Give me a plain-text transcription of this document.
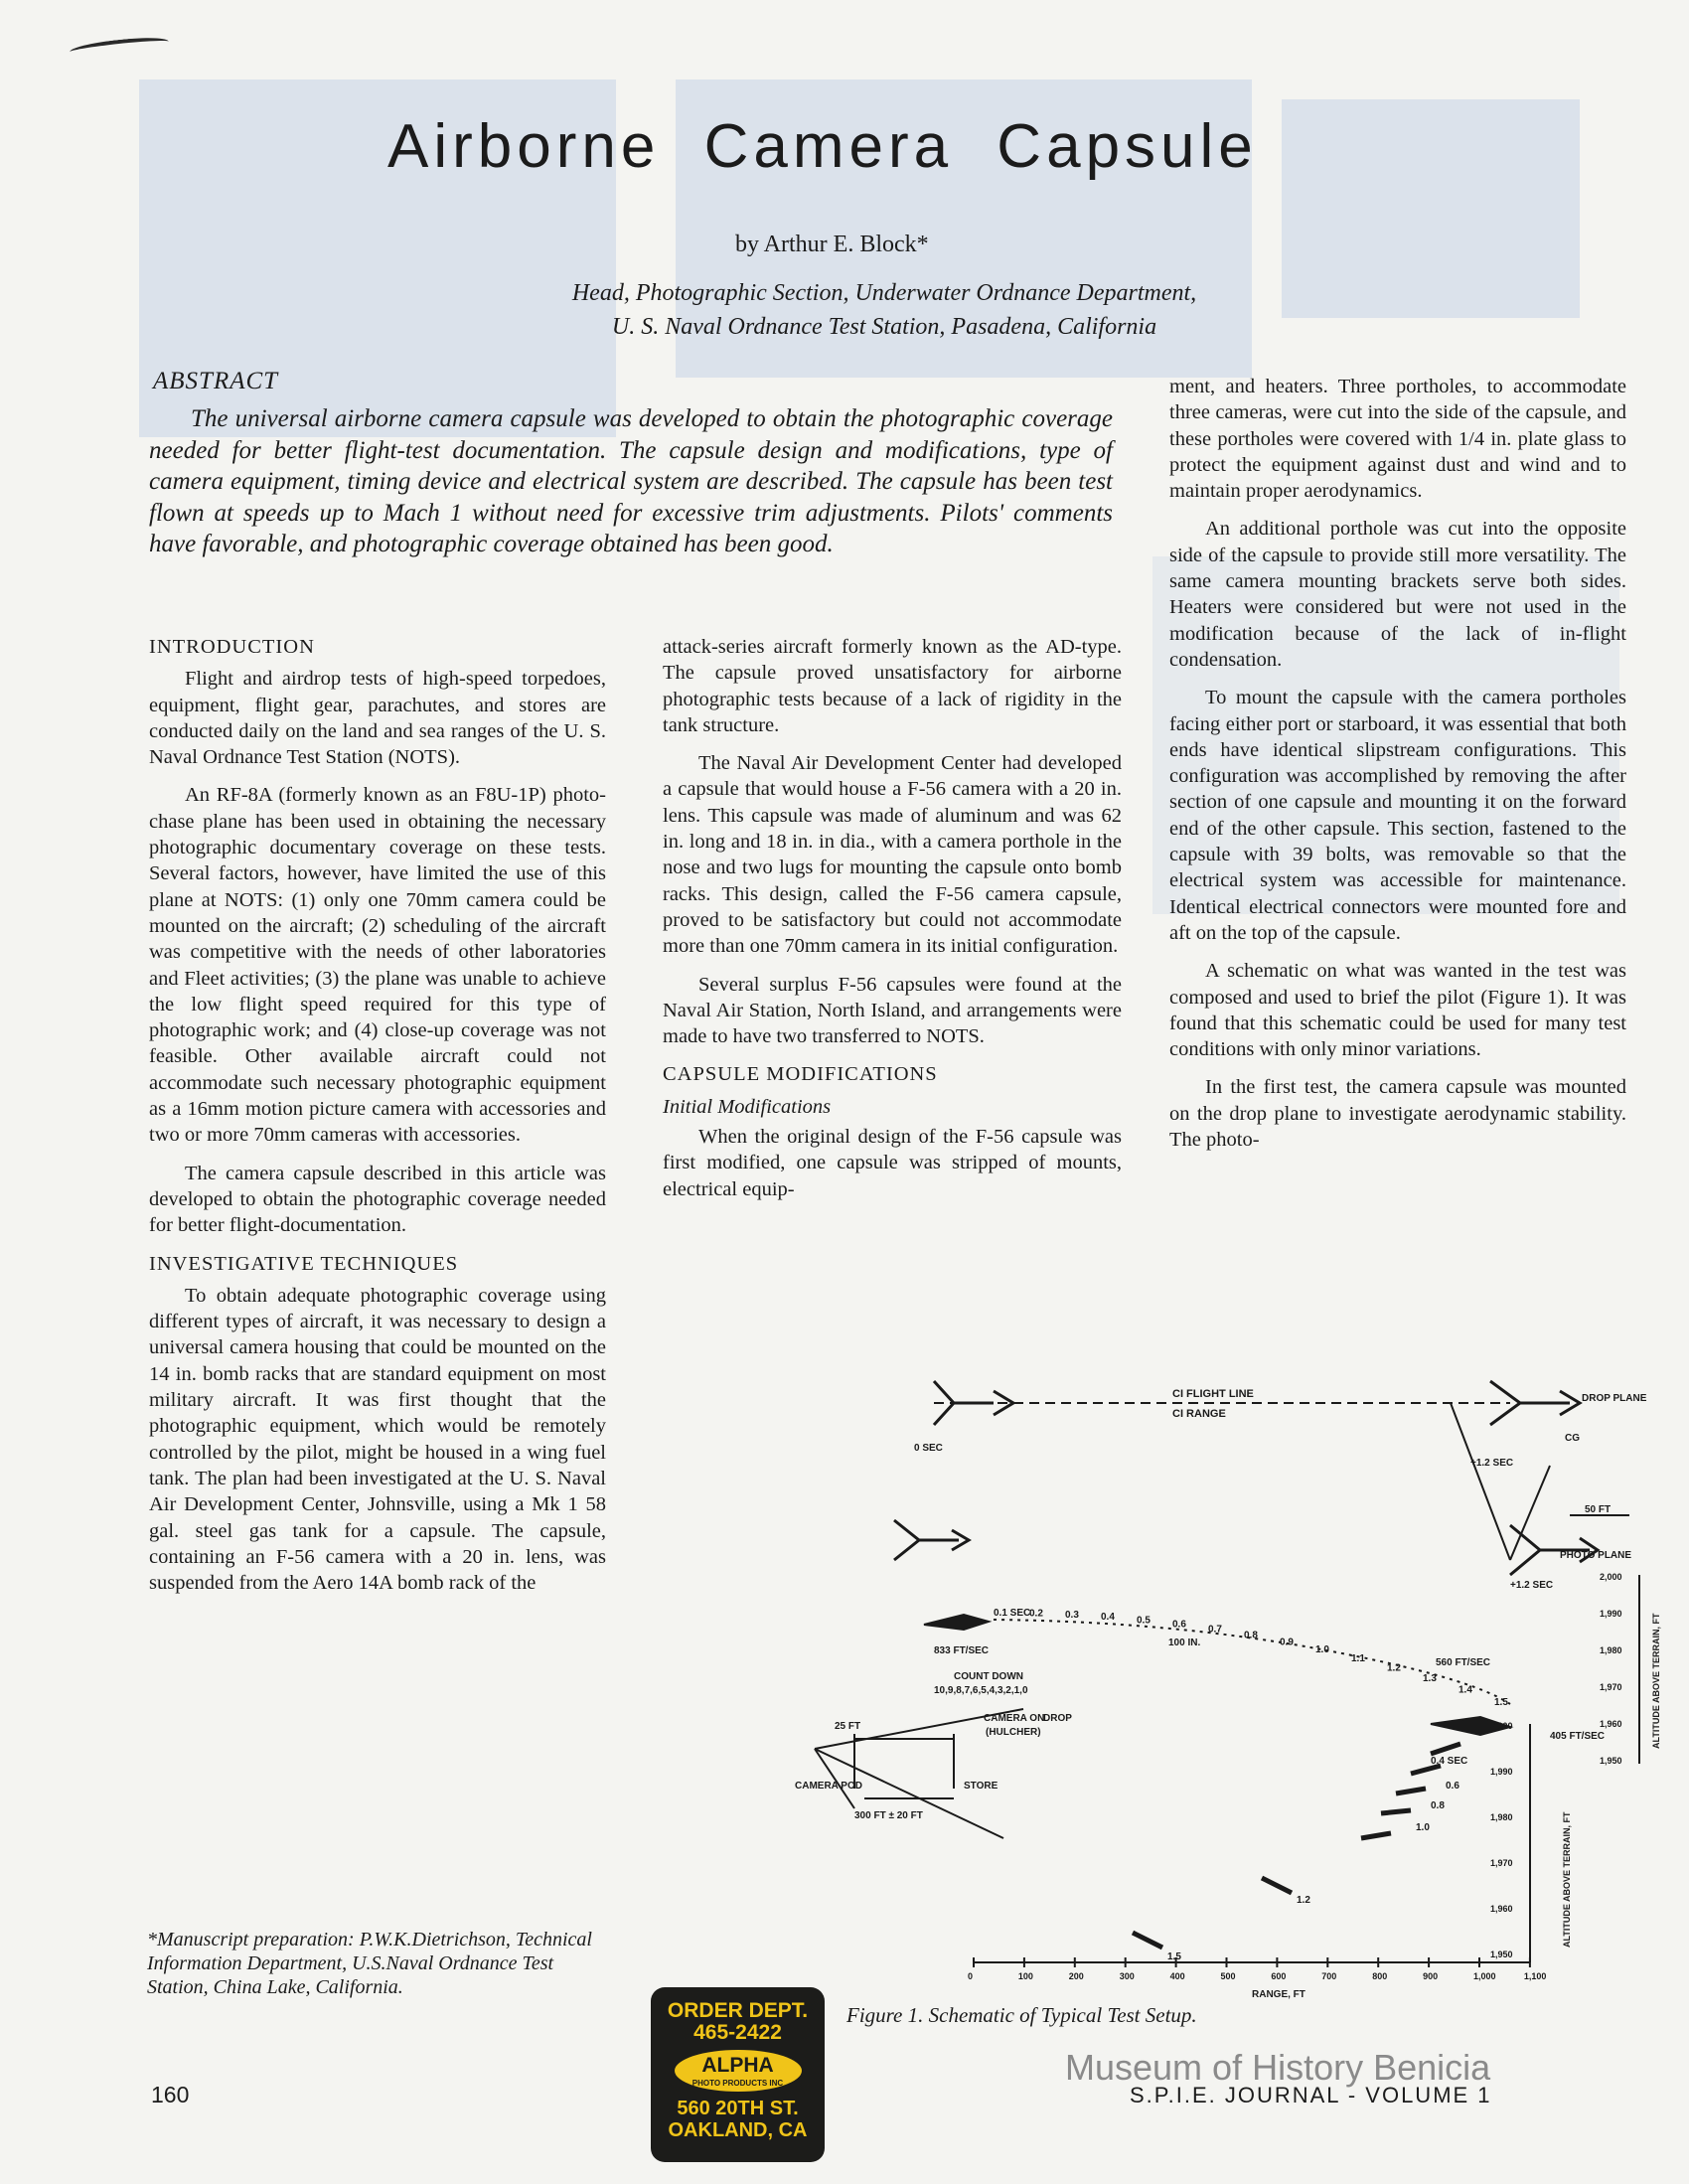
Airborne Camera Capsule
by Arthur E. Block*
Head, Photographic Section, Underwater Ordnance Department,
U. S. Naval Ordnance Test Station, Pasadena, California
ABSTRACT

The universal airborne camera capsule was developed to obtain the photographic coverage needed for better flight-test documentation. The capsule design and modifications, type of camera equipment, timing device and electrical system are described. The capsule has been test flown at speeds up to Mach 1 without need for excessive trim adjustments. Pilots' comments have favorable, and photographic coverage obtained has been good.

INTRODUCTION

Flight and airdrop tests of high-speed torpedoes, equipment, flight gear, parachutes, and stores are conducted daily on the land and sea ranges of the U. S. Naval Ordnance Test Station (NOTS).

An RF-8A (formerly known as an F8U-1P) photo-chase plane has been used in obtaining the necessary photographic documentary coverage on these tests. Several factors, however, have limited the use of this plane at NOTS: (1) only one 70mm camera could be mounted on the aircraft; (2) scheduling of the aircraft was competitive with the needs of other laboratories and Fleet activities; (3) the plane was unable to achieve the low flight speed required for this type of photographic work; and (4) close-up coverage was not feasible. Other available aircraft could not accommodate such necessary photographic equipment as a 16mm motion picture camera with accessories and two or more 70mm cameras with accessories.

The camera capsule described in this article was developed to obtain the photographic coverage needed for better flight-documentation.

INVESTIGATIVE TECHNIQUES

To obtain adequate photographic coverage using different types of aircraft, it was necessary to design a universal camera housing that could be mounted on the 14 in. bomb racks that are standard equipment on most military aircraft. It was first thought that the photographic equipment, which would be remotely controlled by the pilot, might be housed in a wing fuel tank. The plan had been investigated at the U. S. Naval Air Development Center, Johnsville, using a Mk 1 58 gal. steel gas tank for a capsule. The capsule, containing an F-56 camera with a 20 in. lens, was suspended from the Aero 14A bomb rack of the

attack-series aircraft formerly known as the AD-type. The capsule proved unsatisfactory for airborne photographic tests because of a lack of rigidity in the tank structure.

The Naval Air Development Center had developed a capsule that would house a F-56 camera with a 20 in. lens. This capsule was made of aluminum and was 62 in. long and 18 in. in dia., with a camera porthole in the nose and two lugs for mounting the capsule onto bomb racks. This design, called the F-56 camera capsule, proved to be satisfactory but could not accommodate more than one 70mm camera in its initial configuration.

Several surplus F-56 capsules were found at the Naval Air Station, North Island, and arrangements were made to have two transferred to NOTS.

CAPSULE MODIFICATIONS
Initial Modifications

When the original design of the F-56 capsule was first modified, one capsule was stripped of mounts, electrical equip-

ment, and heaters. Three portholes, to accommodate three cameras, were cut into the side of the capsule, and these portholes were covered with 1/4 in. plate glass to protect the equipment against dust and wind and to maintain proper aerodynamics.

An additional porthole was cut into the opposite side of the capsule to provide still more versatility. The same camera mounting brackets serve both sides. Heaters were considered but were not used in the modification because of the lack of in-flight condensation.

To mount the capsule with the camera portholes facing either port or starboard, it was essential that both ends have identical slipstream configurations. This configuration was accomplished by removing the after section of one capsule and mounting it on the forward end of the other capsule. This section, fastened to the capsule with 39 bolts, was removable so that the electrical system was accessible for maintenance. Identical electrical connectors were mounted fore and aft on the top of the capsule.

A schematic on what was wanted in the test was composed and used to brief the pilot (Figure 1). It was found that this schematic could be used for many test conditions with only minor variations.

In the first test, the camera capsule was mounted on the drop plane to investigate aerodynamic stability. The photo-

CI FLIGHT LINE
CI RANGE
DROP PLANE
CG
+1.2 SEC
50 FT
PHOTO PLANE
+1.2 SEC
0 SEC
833 FT/SEC
COUNT DOWN
10,9,8,7,6,5,4,3,2,1,0
CAMERA ON
(HULCHER)
DROP
100 IN.
25 FT
CAMERA POD	STORE
300 FT ± 20 FT
560 FT/SEC
405 FT/SEC
0.4 SEC
RANGE, FT
ALTITUDE ABOVE TERRAIN, FT
ALTITUDE ABOVE TERRAIN, FT
0.1 SEC
0.2 0.3 0.4 0.5 0.6 0.7
0.8
0.9
1.0
1.1
1.2
1.3
1.4
1.5
0.6
0.8
1.0
1.2
1.5
0	100	200	300	400	500	600	700	800	900	1,000	1,100
2,000
1,990
1,980
1,970
1,960
1,950
2,000
1,990
1,980
1,970
1,960
1,950
Figure 1. Schematic of Typical Test Setup.
*Manuscript preparation: P.W.K.Dietrichson, Technical Information Department, U.S.Naval Ordnance Test Station, China Lake, California.
ORDER DEPT.
465-2422
ALPHA
PHOTO PRODUCTS INC
560 20TH ST.
OAKLAND, CA
160
Museum of History Benicia
S.P.I.E. JOURNAL - VOLUME 1
